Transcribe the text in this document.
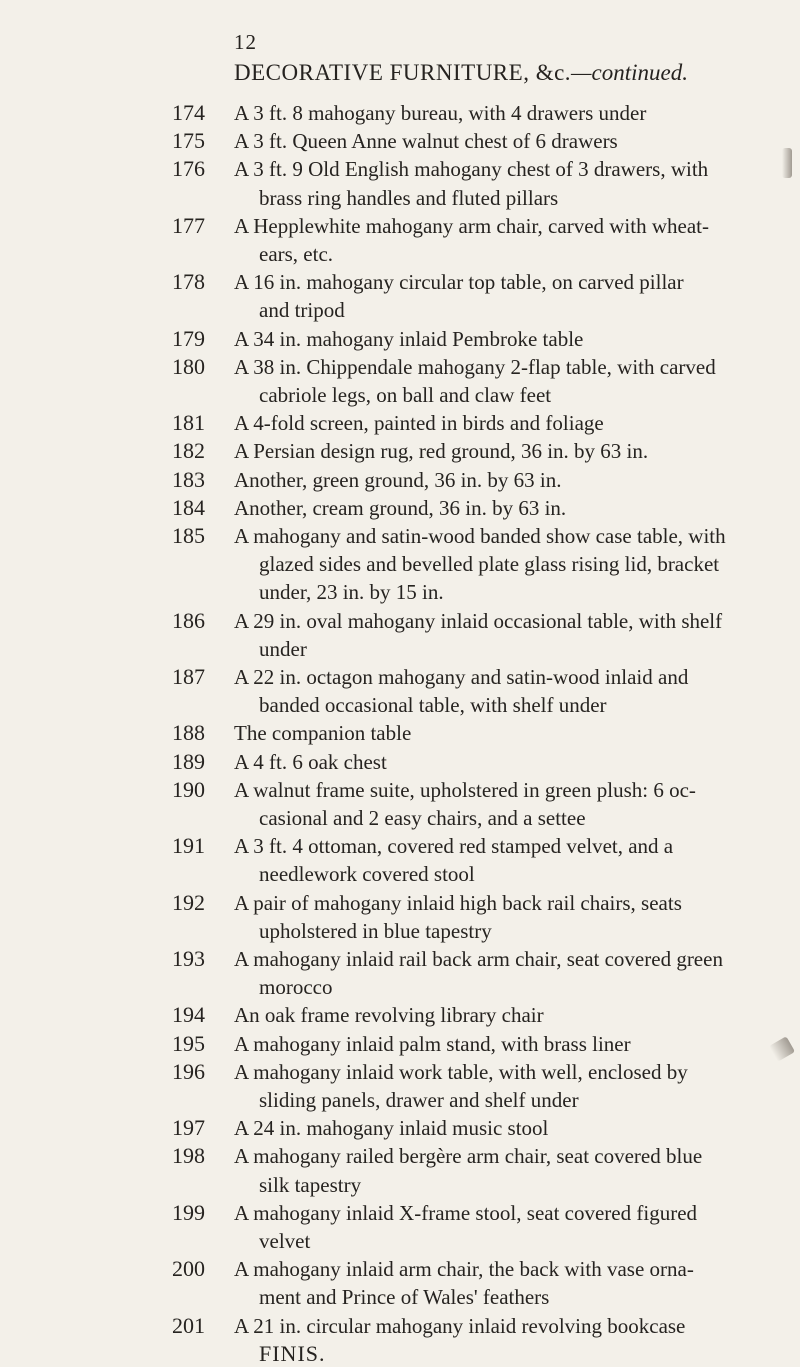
12
DECORATIVE FURNITURE, &c.—continued.
174	A 3 ft. 8 mahogany bureau, with 4 drawers under
175	A 3 ft. Queen Anne walnut chest of 6 drawers
176	A 3 ft. 9 Old English mahogany chest of 3 drawers, with
brass ring handles and fluted pillars
177	A Hepplewhite mahogany arm chair, carved with wheat-
ears, etc.
178	A 16 in. mahogany circular top table, on carved pillar
and tripod
179	A 34 in. mahogany inlaid Pembroke table
180	A 38 in. Chippendale mahogany 2-flap table, with carved
cabriole legs, on ball and claw feet
181	A 4-fold screen, painted in birds and foliage
182	A Persian design rug, red ground, 36 in. by 63 in.
183	Another, green ground, 36 in. by 63 in.
184	Another, cream ground, 36 in. by 63 in.
185	A mahogany and satin-wood banded show case table, with
glazed sides and bevelled plate glass rising lid, bracket
under, 23 in. by 15 in.
186	A 29 in. oval mahogany inlaid occasional table, with shelf
under
187	A 22 in. octagon mahogany and satin-wood inlaid and
banded occasional table, with shelf under
188	The companion table
189	A 4 ft. 6 oak chest
190	A walnut frame suite, upholstered in green plush: 6 oc-
casional and 2 easy chairs, and a settee
191	A 3 ft. 4 ottoman, covered red stamped velvet, and a
needlework covered stool
192	A pair of mahogany inlaid high back rail chairs, seats
upholstered in blue tapestry
193	A mahogany inlaid rail back arm chair, seat covered green
morocco
194	An oak frame revolving library chair
195	A mahogany inlaid palm stand, with brass liner
196	A mahogany inlaid work table, with well, enclosed by
sliding panels, drawer and shelf under
197	A 24 in. mahogany inlaid music stool
198	A mahogany railed bergère arm chair, seat covered blue
silk tapestry
199	A mahogany inlaid X-frame stool, seat covered figured
velvet
200	A mahogany inlaid arm chair, the back with vase orna-
ment and Prince of Wales' feathers
201	A 21 in. circular mahogany inlaid revolving bookcase
FINIS.
